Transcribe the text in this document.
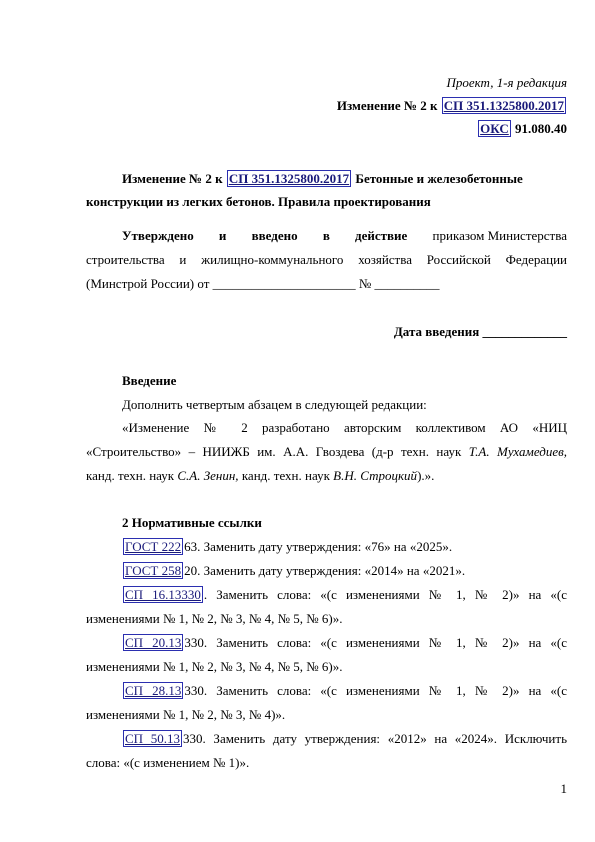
Проект, 1-я редакция
Изменение № 2 к СП 351.1325800.2017
ОКС 91.080.40
Изменение № 2 к СП 351.1325800.2017 Бетонные и железобетонные
конструкции из легких бетонов. Правила проектирования
Утверждено и введено в действие приказом Министерства
строительства и жилищно-коммунального хозяйства Российской Федерации
(Минстрой России) от ______________________ № __________
Дата введения _____________
Введение
Дополнить четвертым абзацем в следующей редакции:
«Изменение № 2 разработано авторским коллективом АО «НИЦ
«Строительство» – НИИЖБ им. А.А. Гвоздева (д-р техн. наук Т.А. Мухамедиев,
канд. техн. наук С.А. Зенин, канд. техн. наук В.Н. Строцкий).».
2 Нормативные ссылки
ГОСТ 222 63. Заменить дату утверждения: «76» на «2025».
ГОСТ 258 20. Заменить дату утверждения: «2014» на «2021».
СП 16.13330 . Заменить слова: «(с изменениями № 1, № 2)» на «(с
изменениями № 1, № 2, № 3, № 4, № 5, № 6)».
СП 20.13 330. Заменить слова: «(с изменениями № 1, № 2)» на «(с
изменениями № 1, № 2, № 3, № 4, № 5, № 6)».
СП 28.13 330. Заменить слова: «(с изменениями № 1, № 2)» на «(с
изменениями № 1, № 2, № 3, № 4)».
СП 50.13 330. Заменить дату утверждения: «2012» на «2024». Исключить
слова: «(с изменением № 1)».
1
